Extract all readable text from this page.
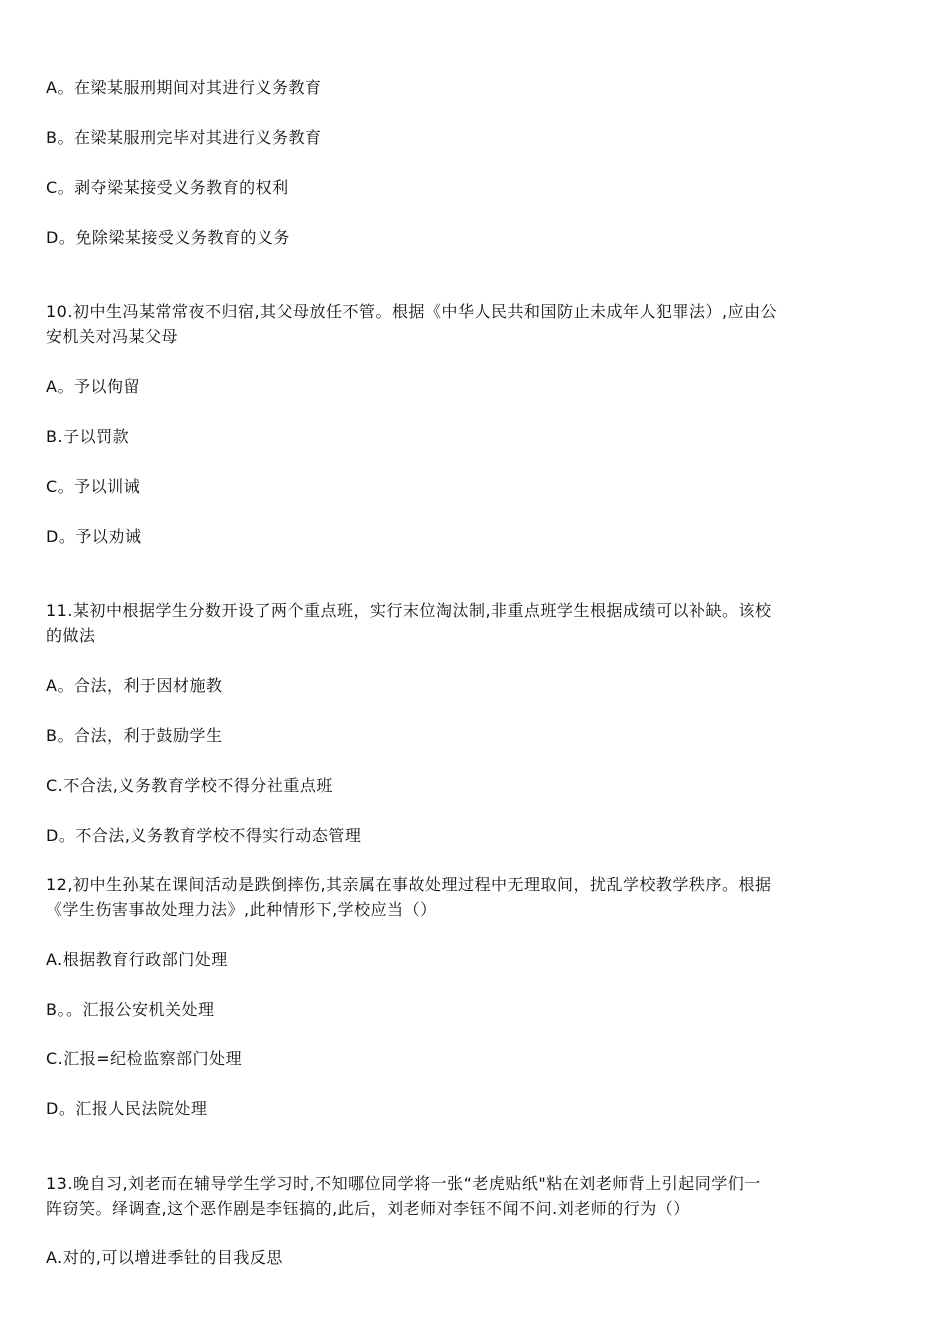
A。在梁某服刑期间对其进行义务教育
B。在梁某服刑完毕对其进行义务教育
C。剥夺梁某接受义务教育的权利
D。免除梁某接受义务教育的义务
10.初中生冯某常常夜不归宿,其父母放任不管。根据《中华人民共和国防止未成年人犯罪法）,应由公
安机关对冯某父母
A。予以佝留
B.子以罚款
C。予以训诫
D。予以劝诫
11.某初中根据学生分数开设了两个重点班，实行末位淘汰制,非重点班学生根据成绩可以补缺。该校
的做法
A。合法，利于因材施教
B。合法，利于鼓励学生
C.不合法,义务教育学校不得分社重点班
D。不合法,义务教育学校不得实行动态管理
12,初中生孙某在课间活动是跌倒摔伤,其亲属在事故处理过程中无理取间，扰乱学校教学秩序。根据
《学生伤害事故处理力法》,此种情形下,学校应当（）
A.根据教育行政部门处理
B。。汇报公安机关处理
C.汇报=纪检监察部门处理
D。汇报人民法院处理
13.晚自习,刘老而在辅导学生学习时,不知哪位同学将一张“老虎贴纸"粘在刘老师背上引起同学们一
阵窃笑。绎调查,这个恶作剧是李钰搞的,此后，刘老师对李钰不闻不问.刘老师的行为（）
A.对的,可以增进季钍的目我反思
